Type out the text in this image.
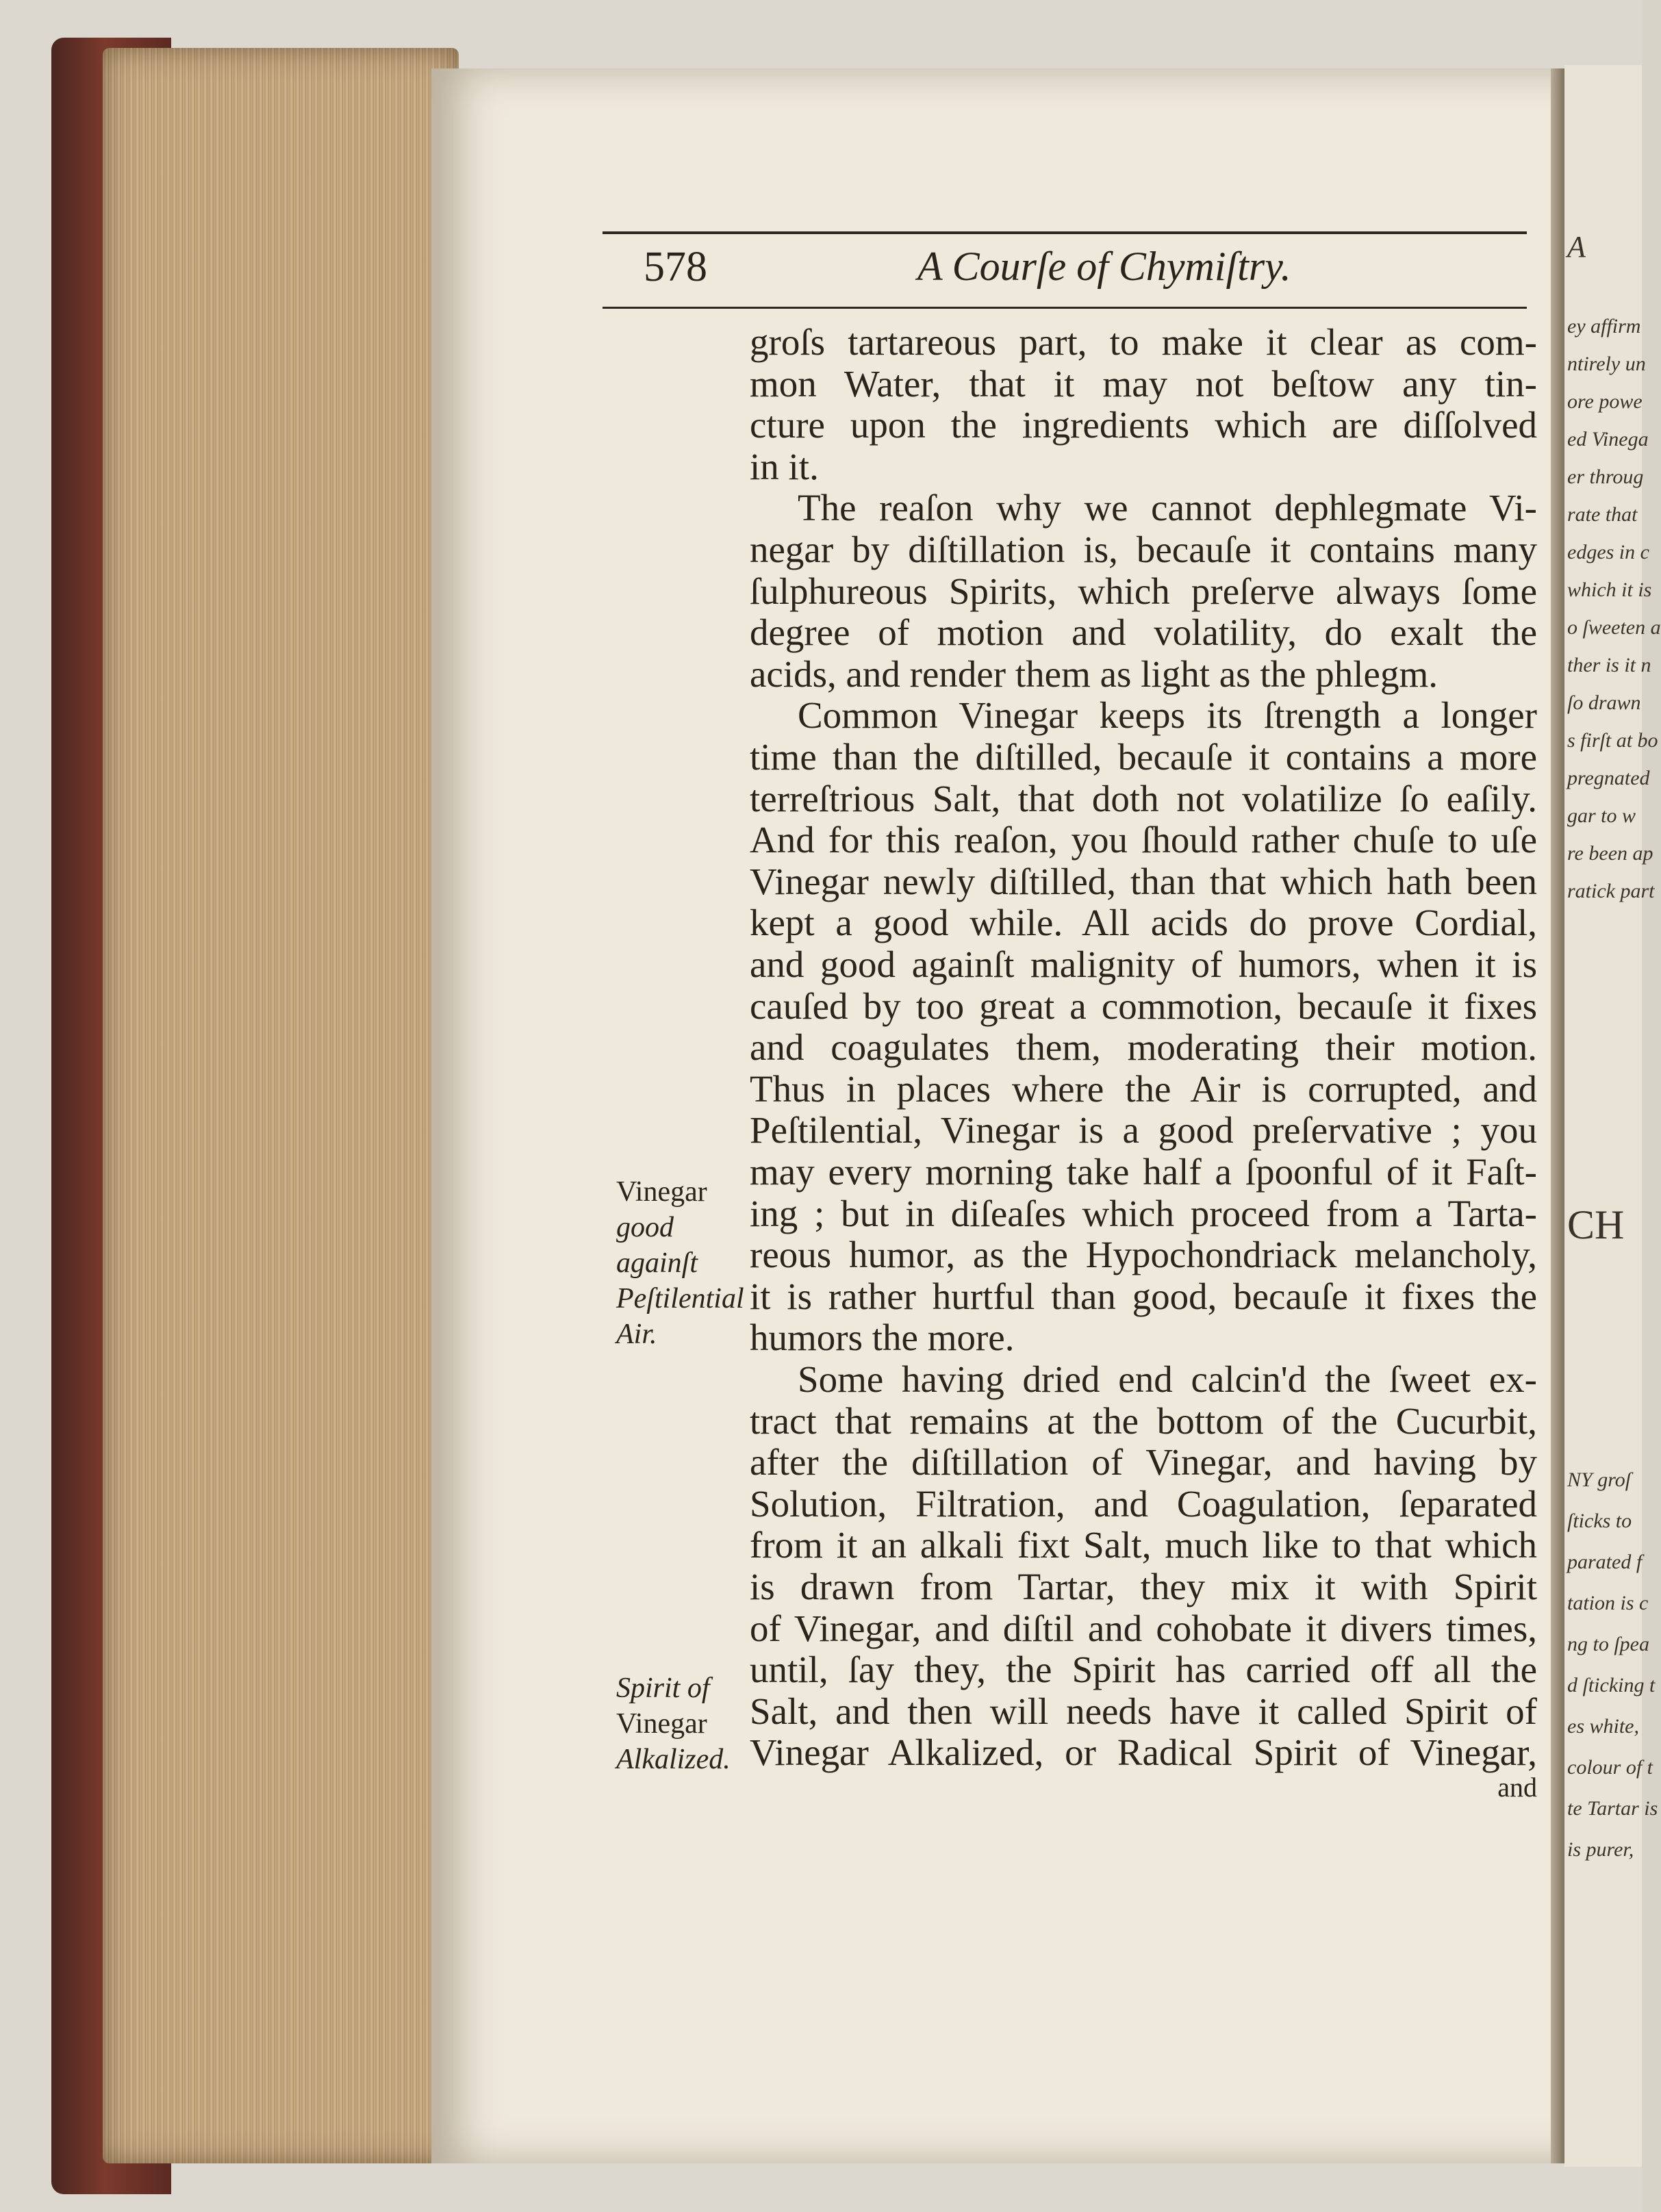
A
ey affirm
ntirely un
ore powe
ed Vinega
er throug
rate that
edges in c
which it is
o ſweeten a
ther is it n
ſo drawn
s firſt at bo
pregnated
gar to w
re been ap
ratick part
CH
NY groſ
ſticks to
parated f
tation is c
ng to ſpea
d ſticking t
es white,
colour of t
te Tartar is
is purer,
578	A Courſe of Chymiſtry.
groſs tartareous part, to make it clear as com-
mon Water, that it may not beſtow any tin-
cture upon the ingredients which are diſſolved
in it.
The reaſon why we cannot dephlegmate Vi-
negar by diſtillation is, becauſe it contains many
ſulphureous Spirits, which preſerve always ſome
degree of motion and volatility, do exalt the
acids, and render them as light as the phlegm.
Common Vinegar keeps its ſtrength a longer
time than the diſtilled, becauſe it contains a more
terreſtrious Salt, that doth not volatilize ſo eaſily.
And for this reaſon, you ſhould rather chuſe to uſe
Vinegar newly diſtilled, than that which hath been
kept a good while. All acids do prove Cordial,
and good againſt malignity of humors, when it is
cauſed by too great a commotion, becauſe it fixes
and coagulates them, moderating their motion.
Thus in places where the Air is corrupted, and
Peſtilential, Vinegar is a good preſervative ; you
may every morning take half a ſpoonful of it Faſt-
ing ; but in diſeaſes which proceed from a Tarta-
reous humor, as the Hypochondriack melancholy,
it is rather hurtful than good, becauſe it fixes the
humors the more.
Some having dried end calcin'd the ſweet ex-
tract that remains at the bottom of the Cucurbit,
after the diſtillation of Vinegar, and having by
Solution, Filtration, and Coagulation, ſeparated
from it an alkali fixt Salt, much like to that which
is drawn from Tartar, they mix it with Spirit
of Vinegar, and diſtil and cohobate it divers times,
until, ſay they, the Spirit has carried off all the
Salt, and then will needs have it called Spirit of
Vinegar Alkalized, or Radical Spirit of Vinegar,
and
Vinegar
good againſt
Peſtilential
Air.
Spirit of
Vinegar
Alkalized.
